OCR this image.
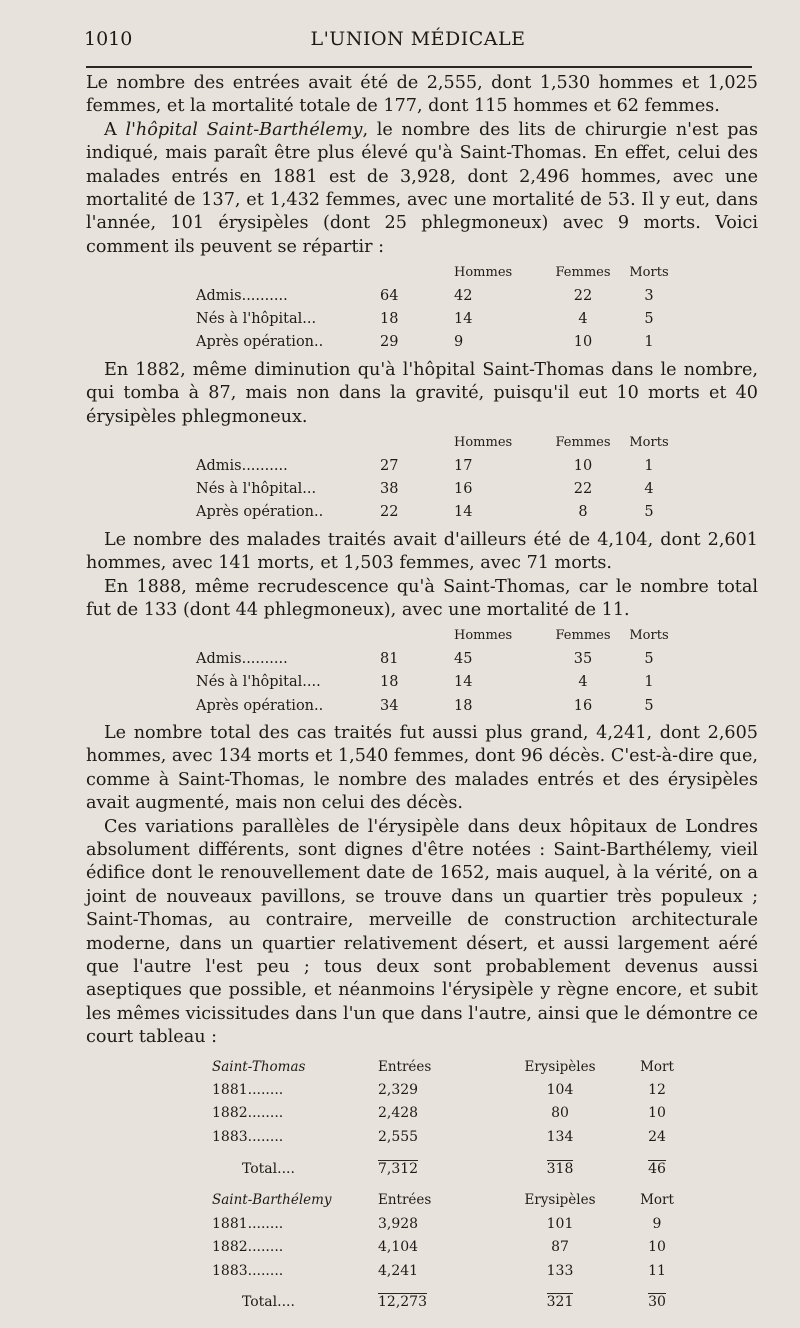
1010	L'UNION MÉDICALE

Le nombre des entrées avait été de 2,555, dont 1,530 hommes et 1,025 femmes, et la mortalité totale de 177, dont 115 hommes et 62 femmes.

A l'hôpital Saint-Barthélemy, le nombre des lits de chirurgie n'est pas indiqué, mais paraît être plus élevé qu'à Saint-Thomas. En effet, celui des malades entrés en 1881 est de 3,928, dont 2,496 hommes, avec une mortalité de 137, et 1,432 femmes, avec une mortalité de 53. Il y eut, dans l'année, 101 érysipèles (dont 25 phlegmoneux) avec 9 morts. Voici comment ils peuvent se répartir :

		Hommes	Femmes	Morts
Admis..........	64	42	22	3
Nés à l'hôpital...	18	14	4	5
Après opération..	29	9	10	1

En 1882, même diminution qu'à l'hôpital Saint-Thomas dans le nombre, qui tomba à 87, mais non dans la gravité, puisqu'il eut 10 morts et 40 érysipèles phlegmoneux.

		Hommes	Femmes	Morts
Admis..........	27	17	10	1
Nés à l'hôpital...	38	16	22	4
Après opération..	22	14	8	5

Le nombre des malades traités avait d'ailleurs été de 4,104, dont 2,601 hommes, avec 141 morts, et 1,503 femmes, avec 71 morts.

En 1888, même recrudescence qu'à Saint-Thomas, car le nombre total fut de 133 (dont 44 phlegmoneux), avec une mortalité de 11.

		Hommes	Femmes	Morts
Admis..........	81	45	35	5
Nés à l'hôpital....	18	14	4	1
Après opération..	34	18	16	5

Le nombre total des cas traités fut aussi plus grand, 4,241, dont 2,605 hommes, avec 134 morts et 1,540 femmes, dont 96 décès. C'est-à-dire que, comme à Saint-Thomas, le nombre des malades entrés et des érysipèles avait augmenté, mais non celui des décès.

Ces variations parallèles de l'érysipèle dans deux hôpitaux de Londres absolument différents, sont dignes d'être notées : Saint-Barthélemy, vieil édifice dont le renouvellement date de 1652, mais auquel, à la vérité, on a joint de nouveaux pavillons, se trouve dans un quartier très populeux ; Saint-Thomas, au contraire, merveille de construction architecturale moderne, dans un quartier relativement désert, et aussi largement aéré que l'autre l'est peu ; tous deux sont probablement devenus aussi aseptiques que possible, et néanmoins l'érysipèle y règne encore, et subit les mêmes vicissitudes dans l'un que dans l'autre, ainsi que le démontre ce court tableau :

Saint-Thomas	Entrées	Erysipèles	Mort
1881........	2,329	104	12
1882........	2,428	80	10
1883........	2,555	134	24
Total....	7,312	318	46

Saint-Barthélemy	Entrées	Erysipèles	Mort
1881........	3,928	101	9
1882........	4,104	87	10
1883........	4,241	133	11
Total....	12,273	321	30
